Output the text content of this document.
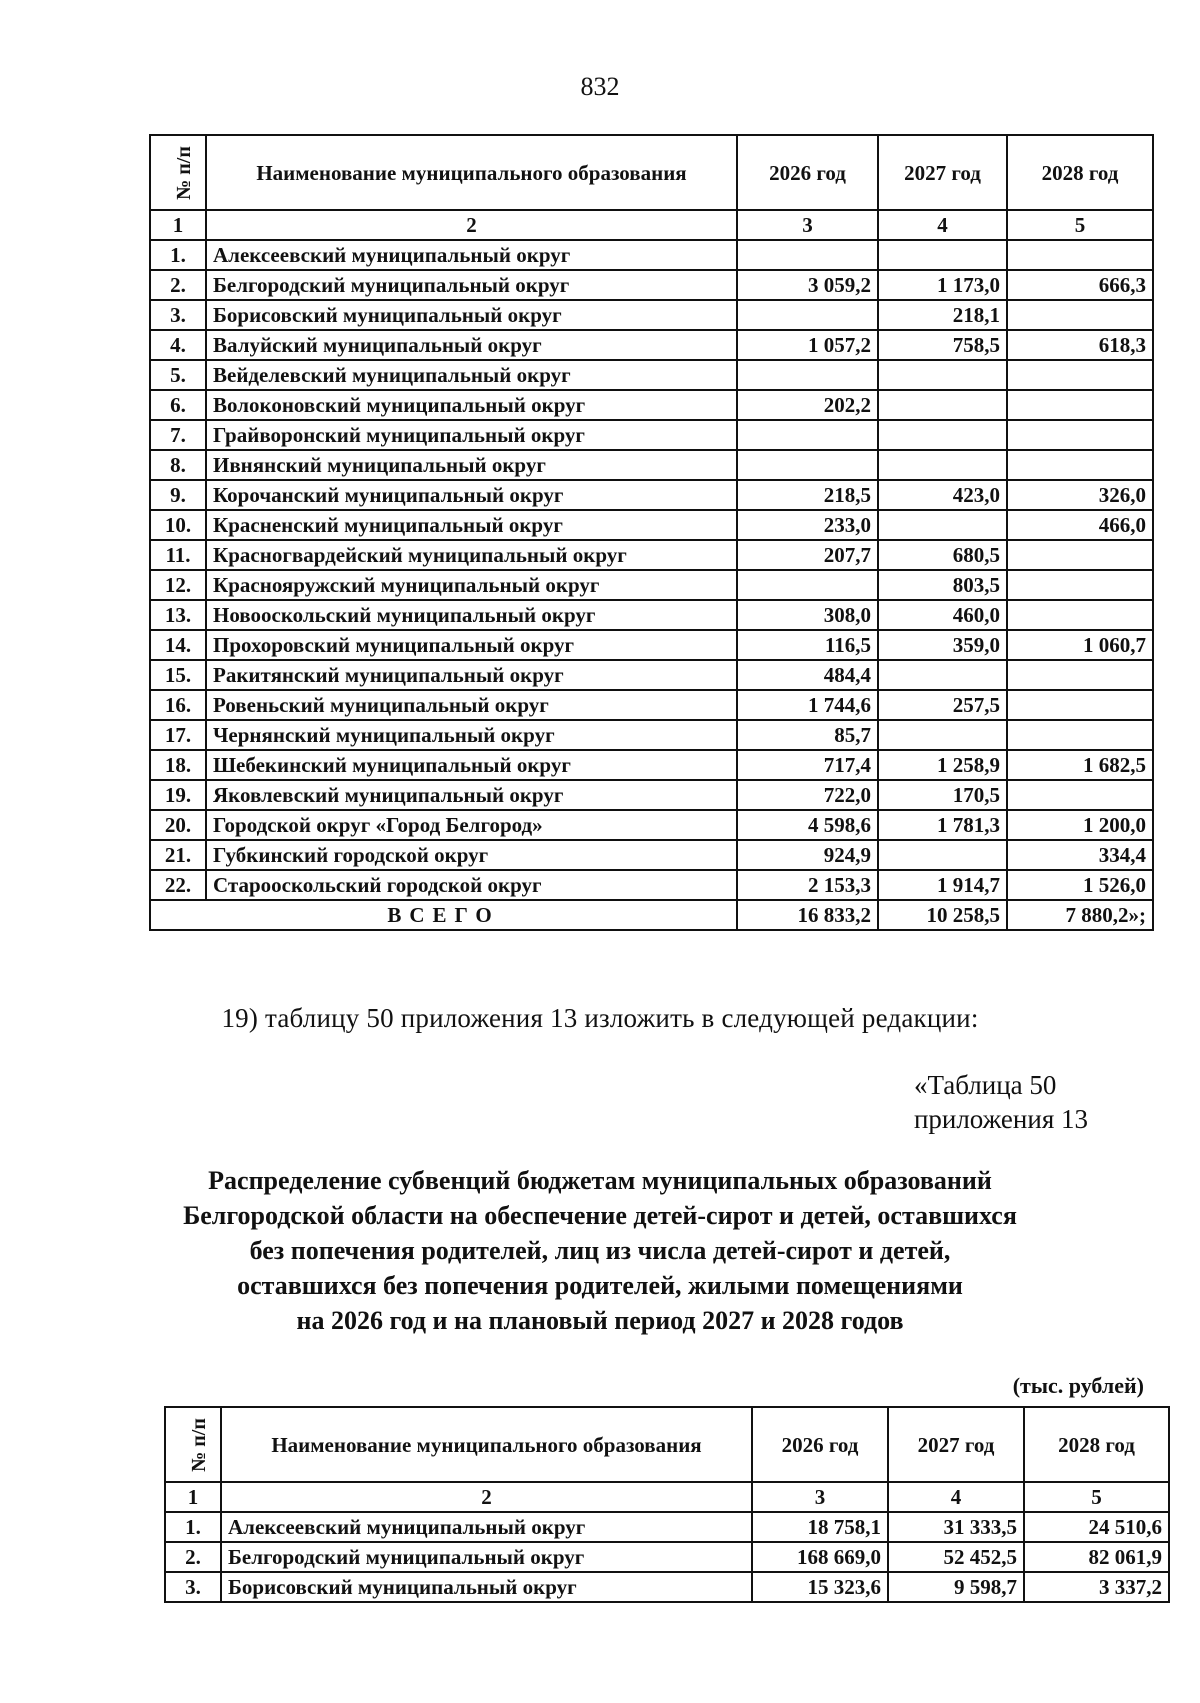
832
№ п/п	Наименование муниципального образования	2026 год	2027 год	2028 год
1	2	3	4	5
1.	Алексеевский муниципальный округ			
2.	Белгородский муниципальный округ	3 059,2	1 173,0	666,3
3.	Борисовский муниципальный округ		218,1	
4.	Валуйский муниципальный округ	1 057,2	758,5	618,3
5.	Вейделевский муниципальный округ			
6.	Волоконовский муниципальный округ	202,2		
7.	Грайворонский муниципальный округ			
8.	Ивнянский муниципальный округ			
9.	Корочанский муниципальный округ	218,5	423,0	326,0
10.	Красненский муниципальный округ	233,0		466,0
11.	Красногвардейский муниципальный округ	207,7	680,5	
12.	Краснояружский муниципальный округ		803,5	
13.	Новооскольский муниципальный округ	308,0	460,0	
14.	Прохоровский муниципальный округ	116,5	359,0	1 060,7
15.	Ракитянский муниципальный округ	484,4		
16.	Ровеньский муниципальный округ	1 744,6	257,5	
17.	Чернянский муниципальный округ	85,7		
18.	Шебекинский муниципальный округ	717,4	1 258,9	1 682,5
19.	Яковлевский муниципальный округ	722,0	170,5	
20.	Городской округ «Город Белгород»	4 598,6	1 781,3	1 200,0
21.	Губкинский городской округ	924,9		334,4
22.	Старооскольский городской округ	2 153,3	1 914,7	1 526,0
ВСЕГО		16 833,2	10 258,5	7 880,2»;
19) таблицу 50 приложения 13 изложить в следующей редакции:
«Таблица 50
приложения 13
Распределение субвенций бюджетам муниципальных образований
Белгородской области на обеспечение детей-сирот и детей, оставшихся
без попечения родителей, лиц из числа детей-сирот и детей,
оставшихся без попечения родителей, жилыми помещениями
на 2026 год и на плановый период 2027 и 2028 годов
(тыс. рублей)
№ п/п	Наименование муниципального образования	2026 год	2027 год	2028 год
1	2	3	4	5
1.	Алексеевский муниципальный округ	18 758,1	31 333,5	24 510,6
2.	Белгородский муниципальный округ	168 669,0	52 452,5	82 061,9
3.	Борисовский муниципальный округ	15 323,6	9 598,7	3 337,2
